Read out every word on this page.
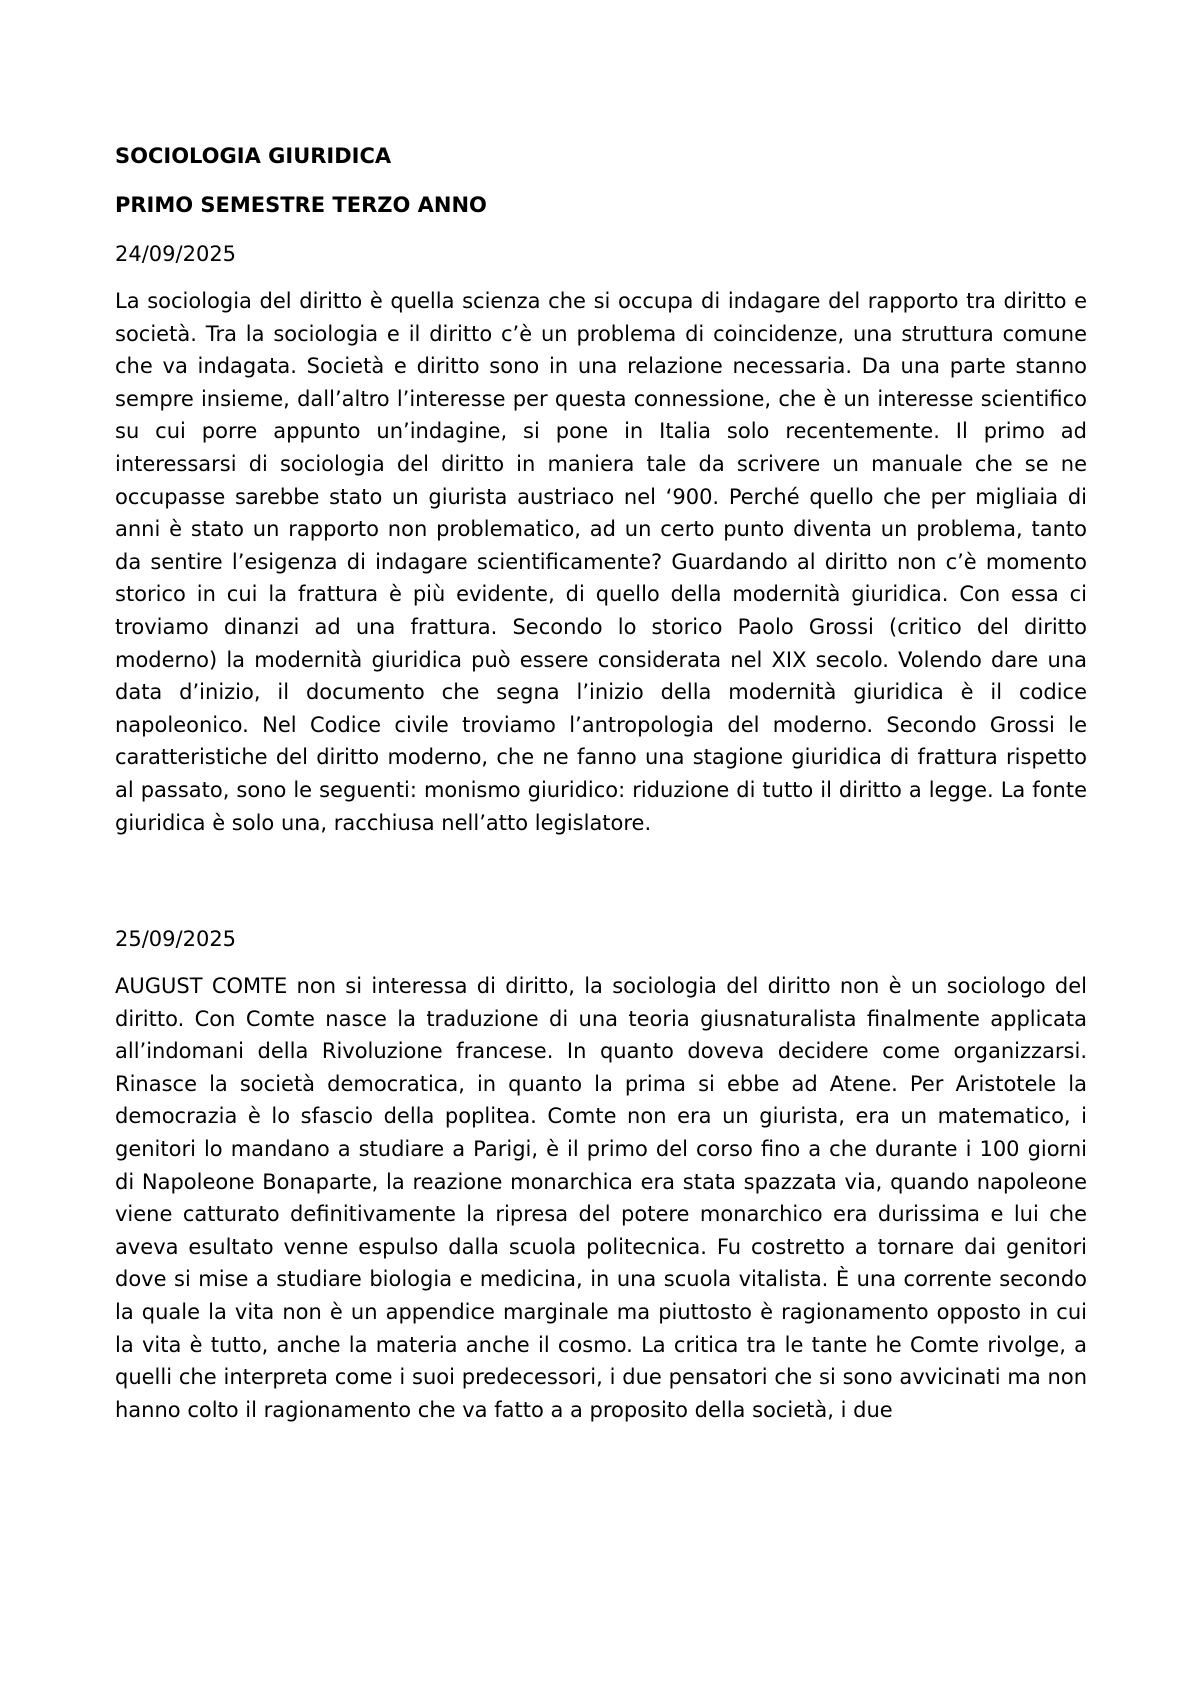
SOCIOLOGIA GIURIDICA
PRIMO SEMESTRE TERZO ANNO
24/09/2025

La sociologia del diritto è quella scienza che si occupa di indagare del rapporto tra diritto e società. Tra la sociologia e il diritto c’è un problema di coincidenze, una struttura comune che va indagata. Società e diritto sono in una relazione necessaria. Da una parte stanno sempre insieme, dall’altro l’interesse per questa connessione, che è un interesse scientifico su cui porre appunto un’indagine, si pone in Italia solo recentemente. Il primo ad interessarsi di sociologia del diritto in maniera tale da scrivere un manuale che se ne occupasse sarebbe stato un giurista austriaco nel ‘900. Perché quello che per migliaia di anni è stato un rapporto non problematico, ad un certo punto diventa un problema, tanto da sentire l’esigenza di indagare scientificamente? Guardando al diritto non c’è momento storico in cui la frattura è più evidente, di quello della modernità giuridica. Con essa ci troviamo dinanzi ad una frattura. Secondo lo storico Paolo Grossi (critico del diritto moderno) la modernità giuridica può essere considerata nel XIX secolo. Volendo dare una data d’inizio, il documento che segna l’inizio della modernità giuridica è il codice napoleonico. Nel Codice civile troviamo l’antropologia del moderno. Secondo Grossi le caratteristiche del diritto moderno, che ne fanno una stagione giuridica di frattura rispetto al passato, sono le seguenti: monismo giuridico: riduzione di tutto il diritto a legge. La fonte giuridica è solo una, racchiusa nell’atto legislatore.

25/09/2025

AUGUST COMTE non si interessa di diritto, la sociologia del diritto non è un sociologo del diritto. Con Comte nasce la traduzione di una teoria giusnaturalista finalmente applicata all’indomani della Rivoluzione francese. In quanto doveva decidere come organizzarsi. Rinasce la società democratica, in quanto la prima si ebbe ad Atene. Per Aristotele la democrazia è lo sfascio della poplitea. Comte non era un giurista, era un matematico, i genitori lo mandano a studiare a Parigi, è il primo del corso fino a che durante i 100 giorni di Napoleone Bonaparte, la reazione monarchica era stata spazzata via, quando napoleone viene catturato definitivamente la ripresa del potere monarchico era durissima e lui che aveva esultato venne espulso dalla scuola politecnica. Fu costretto a tornare dai genitori dove si mise a studiare biologia e medicina, in una scuola vitalista. È una corrente secondo la quale la vita non è un appendice marginale ma piuttosto è ragionamento opposto in cui la vita è tutto, anche la materia anche il cosmo. La critica tra le tante he Comte rivolge, a quelli che interpreta come i suoi predecessori, i due pensatori che si sono avvicinati ma non hanno colto il ragionamento che va fatto a a proposito della società, i due
